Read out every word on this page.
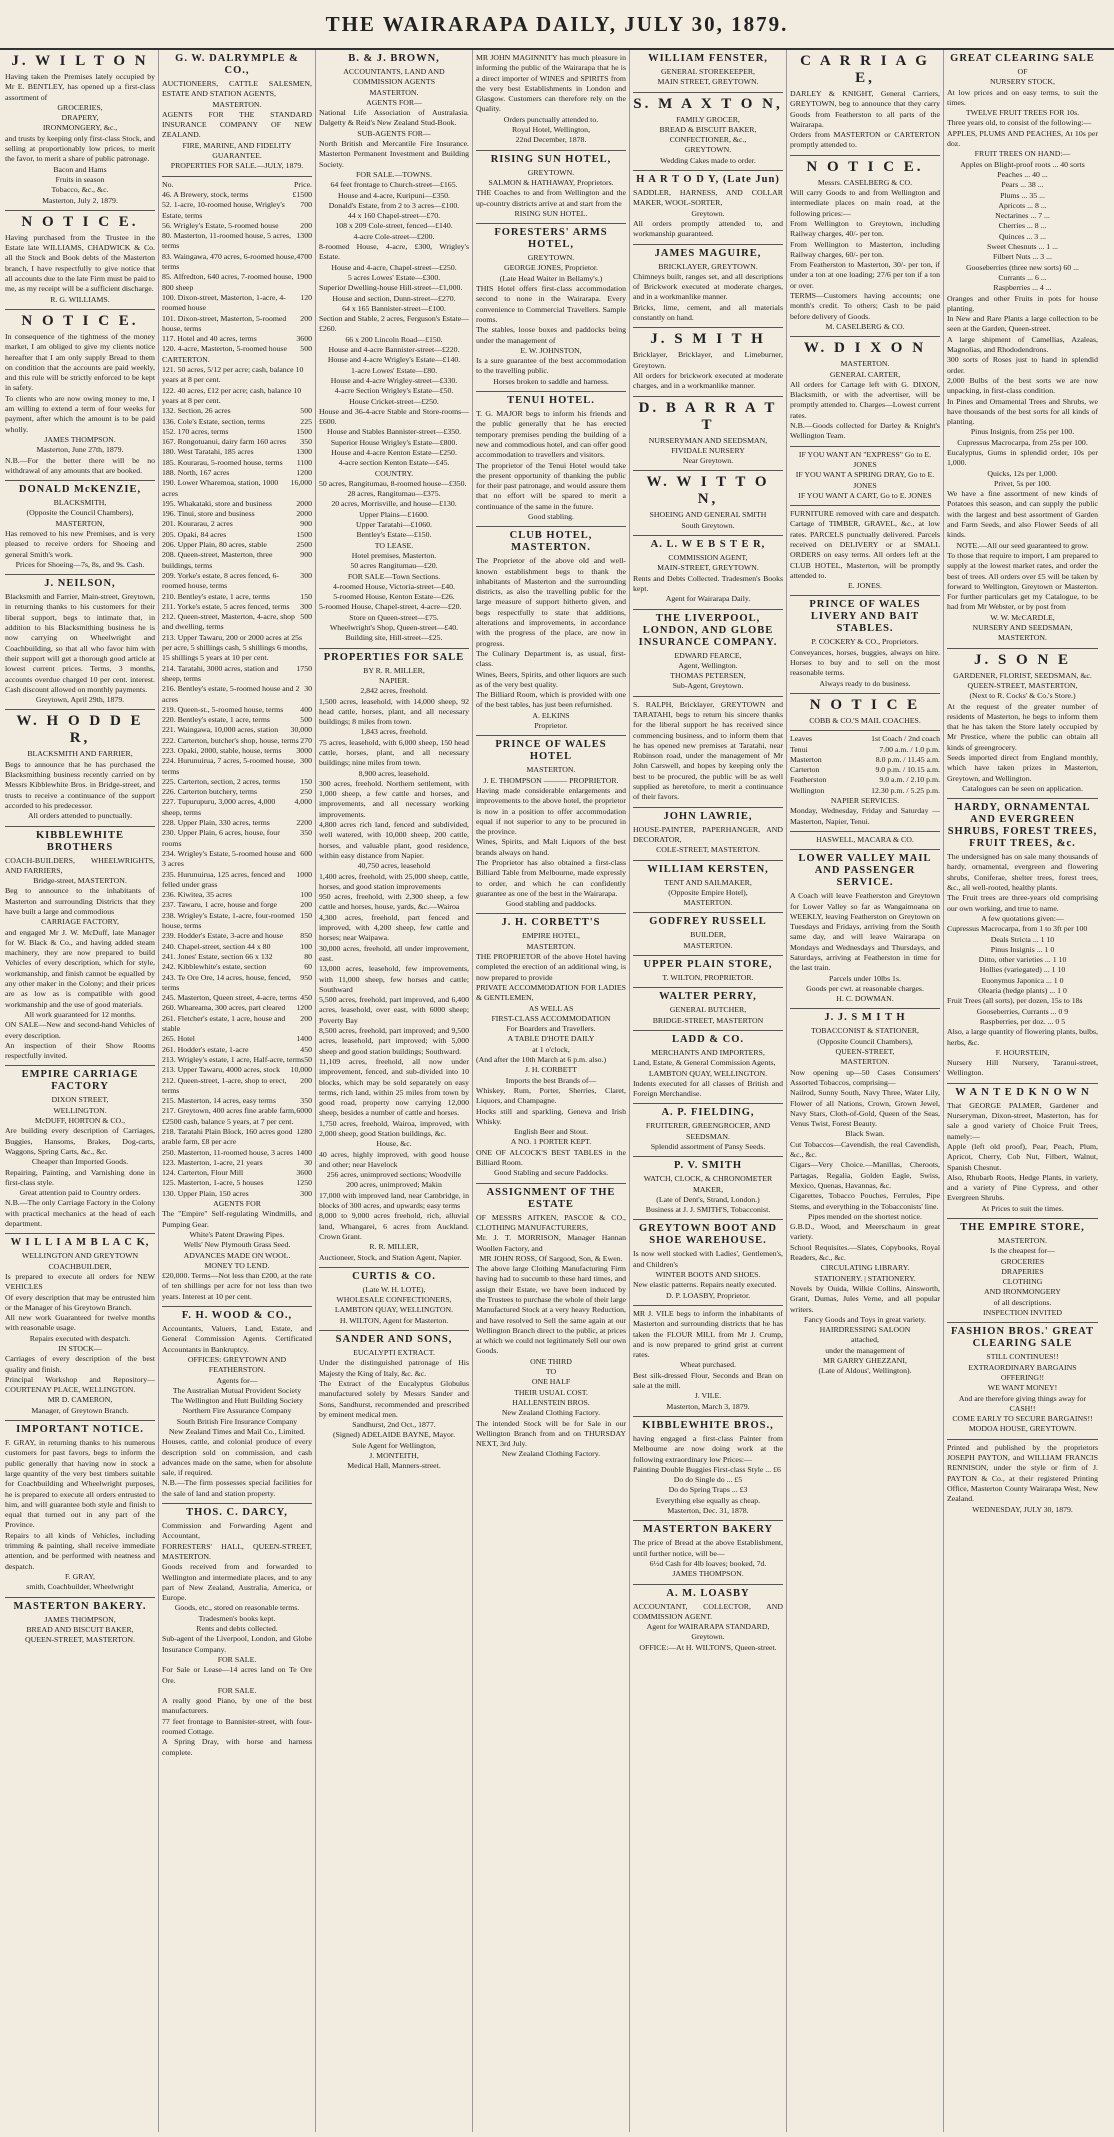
THE WAIRARAPA DAILY, JULY 30, 1879.
J. W I L T O N

Having taken the Premises lately occupied by Mr E. BENTLEY, has opened up a first-class assortment of

GROCERIES,

DRAPERY,

IRONMONGERY, &c.,

and trusts by keeping only first-class Stock, and selling at proportionably low prices, to merit the favor, to merit a share of public patronage.

Bacon and Hams

Fruits in season

Tobacco, &c., &c.

Masterton, July 2, 1879.

N O T I C E.

Having purchased from the Trustee in the Estate late WILLIAMS, CHADWICK & Co. all the Stock and Book debts of the Masterton branch, I have respectfully to give notice that all accounts due to the late Firm must be paid to me, as my receipt will be a sufficient discharge.

R. G. WILLIAMS.

N O T I C E.

In consequence of the tightness of the money market, I am obliged to give my clients notice hereafter that I am only supply Bread to them on condition that the accounts are paid weekly, and this rule will be strictly enforced to be kept in safety.

To clients who are now owing money to me, I am willing to extend a term of four weeks for payment, after which the amount is to be paid wholly.

JAMES THOMPSON.

Masterton, June 27th, 1879.

N.B.—For the better there will be no withdrawal of any amounts that are booked.

DONALD McKENZIE,

BLACKSMITH,

(Opposite the Council Chambers),

MASTERTON,

Has removed to his new Premises, and is very pleased to receive orders for Shoeing and general Smith's work.

Prices for Shoeing—7s, 8s, and 9s. Cash.

J. NEILSON,

Blacksmith and Farrier, Main-street, Greytown, in returning thanks to his customers for their liberal support, begs to intimate that, in addition to his Blacksmithing business he is now carrying on Wheelwright and Coachbuilding, so that all who favor him with their support will get a thorough good article at lowest current prices. Terms, 3 months, accounts overdue charged 10 per cent. interest. Cash discount allowed on monthly payments.

Greytown, April 29th, 1879.

W. H O D D E R,

BLACKSMITH AND FARRIER,

Begs to announce that he has purchased the Blacksmithing business recently carried on by Messrs Kibblewhite Bros. in Bridge-street, and trusts to receive a continuance of the support accorded to his predecessor.

All orders attended to punctually.

KIBBLEWHITE BROTHERS

COACH-BUILDERS, WHEELWRIGHTS, AND FARRIERS,

Bridge-street, MASTERTON.

Beg to announce to the inhabitants of Masterton and surrounding Districts that they have built a large and commodious

CARRIAGE FACTORY,

and engaged Mr J. W. McDuff, late Manager for W. Black & Co., and having added steam machinery, they are now prepared to build Vehicles of every description, which for style, workmanship, and finish cannot be equalled by any other maker in the Colony; and their prices are as low as is compatible with good workmanship and the use of good materials.

All work guaranteed for 12 months.

ON SALE—New and second-hand Vehicles of every description.

An inspection of their Show Rooms respectfully invited.

EMPIRE CARRIAGE FACTORY

DIXON STREET,

WELLINGTON.

McDUFF, HORTON & CO.,

Are building every description of Carriages, Buggies, Hansoms, Brakes, Dog-carts, Waggons, Spring Carts, &c., &c.

Cheaper than Imported Goods.

Repairing, Painting, and Varnishing done in first-class style.

Great attention paid to Country orders.

N.B.—The only Carriage Factory in the Colony with practical mechanics at the head of each department.

W I L L I A M B L A C K,

WELLINGTON AND GREYTOWN COACHBUILDER,

Is prepared to execute all orders for NEW VEHICLES

Of every description that may be entrusted him or the Manager of his Greytown Branch.

All new work Guaranteed for twelve months with reasonable usage.

Repairs executed with despatch.

IN STOCK—

Carriages of every description of the best quality and finish.

Principal Workshop and Repository—COURTENAY PLACE, WELLINGTON.

MR D. CAMERON,

Manager, of Greytown Branch.

IMPORTANT NOTICE.

F. GRAY, in returning thanks to his numerous customers for past favors, begs to inform the public generally that having now in stock a large quantity of the very best timbers suitable for Coachbuilding and Wheelwright purposes, he is prepared to execute all orders entrusted to him, and will guarantee both style and finish to equal that turned out in any part of the Province.

Repairs to all kinds of Vehicles, including trimming & painting, shall receive immediate attention, and be performed with neatness and despatch.

F. GRAY,

smith, Coachbuilder, Wheelwright

MASTERTON BAKERY.

JAMES THOMPSON,

BREAD AND BISCUIT BAKER,

QUEEN-STREET, MASTERTON.

G. W. DALRYMPLE & CO.,

AUCTIONEERS, CATTLE SALESMEN, ESTATE AND STATION AGENTS,

MASTERTON.

AGENTS FOR THE STANDARD INSURANCE COMPANY OF NEW ZEALAND.

FIRE, MARINE, AND FIDELITY GUARANTEE.

PROPERTIES FOR SALE.—JULY, 1879.

No.	Price.
46. A Brewery, stock, terms	£1500
52. 1-acre, 10-roomed house, Wrigley's Estate, terms
700
56. Wrigley's Estate, 5-roomed house	200
80. Masterton, 11-roomed house, 5 acres, terms
1300
83. Waingawa, 470 acres, 6-roomed house, terms
4700
85. Alfredton, 640 acres, 7-roomed house, 800 sheep
1900
100. Dixon-street, Masterton, 1-acre, 4-roomed house
120
101. Dixon-street, Masterton, 5-roomed house, terms
200
117. Hotel and 40 acres, terms	3600
120. 4-acre, Masterton, 5-roomed house 500
CARTERTON.
121. 50 acres, 5/12 per acre; cash, balance 10 years at 8 per cent.
122. 40 acres, £12 per acre; cash, balance 10 years at 8 per cent.
132. Section, 26 acres	500
136. Cole's Estate, section, terms	225
152. 170 acres, terms	1500
167. Rongotuanui, dairy farm 160 acres 350
180. West Taratahi, 185 acres	1300
185. Kourarau, 5-roomed house, terms 1100
188. North, 167 acres	1200
190. Lower Wharemoa, station, 1000 acres
16,000
195. Whakataki, store and business	2000
196. Tinui, store and business	2000
201. Kourarau, 2 acres	900
205. Opaki, 84 acres	1500
206. Upper Plain, 80 acres, stable	2500
208. Queen-street, Masterton, three buildings, terms
900
209. Yorke's estate, 8 acres fenced, 6-roomed house, terms
300
210. Bentley's estate, 1 acre, terms	150
211. Yorke's estate, 5 acres fenced, terms 300
212. Queen-street, Masterton, 4-acre, shop and dwelling, terms
500
213. Upper Tawaru, 200 or 2000 acres at 25s per acre, 5 shillings cash, 5 shillings 6 months, 15 shillings 5 years at 10 per cent.
214. Taratahi, 3000 acres, station and sheep, terms
1750
216. Bentley's estate, 5-roomed house and 2 acres
30
219. Queen-st., 5-roomed house, terms 400
220. Bentley's estate, 1 acre, terms	500
221. Waingawa, 10,000 acres, station 30,000
222. Carterton, butcher's shop, house, terms 270
223. Opaki, 2000, stable, house, terms 3000
224. Hurunuirua, 7 acres, 5-roomed house, terms
300
225. Carterton, section, 2 acres, terms	150
226. Carterton butchery, terms	250
227. Tupurupuru, 3,000 acres, 4,000 sheep, terms
4,000
228. Upper Plain, 330 acres, terms	2200
230. Upper Plain, 6 acres, house, four rooms
350
234. Wrigley's Estate, 5-roomed house and 3 acres
600
235. Hurunuirua, 125 acres, fenced and felled under grass
1000
236. Kiwitea, 35 acres	100
237. Tawaru, 1 acre, house and forge	200
238. Wrigley's Estate, 1-acre, four-roomed house, terms
150
239. Hodder's Estate, 3-acre and house 850
240. Chapel-street, section 44 x 80	100
241. Jones' Estate, section 66 x 132	80
242. Kibblewhite's estate, section	60
243. Te Ore Ore, 14 acres, house, fenced, terms
950
245. Masterton, Queen street, 4-acre, terms 450
260. Whareama, 300 acres, part cleared 1200
261. Fletcher's estate, 1 acre, house and stable
200
265. Hotel	1400
261. Hodder's estate, 1-acre	450
213. Wrigley's estate, 1 acre, Half-acre, terms 50
213. Upper Tawaru, 4000 acres, stock 10,000
212. Queen-street, 1-acre, shop to erect, terms
200
215. Masterton, 14 acres, easy terms	350
217. Greytown, 400 acres fine arable farm, £2500 cash, balance 5 years, at 7 per cent.
6000
218. Taratahi Plain Block, 160 acres good arable farm, £8 per acre
1280
250. Masterton, 11-roomed house, 3 acres 1400
123. Masterton, 1-acre, 21 years	30
124. Carterton, Flour Mill	3600
125. Masterton, 1-acre, 5 houses	1250
130. Upper Plain, 150 acres	300

AGENTS FOR

The "Empire" Self-regulating Windmills, and Pumping Gear.

White's Patent Drawing Pipes.

Wells' New Plymouth Grass Seed.

ADVANCES MADE ON WOOL.

MONEY TO LEND.

£20,000. Terms—Not less than £200, at the rate of ten shillings per acre for not less than two years. Interest at 10 per cent.

F. H. WOOD & CO.,

Accountants, Valuers, Land, Estate, and General Commission Agents. Certificated Accountants in Bankruptcy.

OFFICES: GREYTOWN AND FEATHERSTON.

Agents for—

The Australian Mutual Provident Society

The Wellington and Hutt Building Society

Northern Fire Assurance Company

South British Fire Insurance Company

New Zealand Times and Mail Co., Limited.

Houses, cattle, and colonial produce of every description sold on commission, and cash advances made on the same, when for absolute sale, if required.

N.B.—The firm possesses special facilities for the sale of land and station property.

THOS. C. DARCY,

Commission and Forwarding Agent and Accountant,

FORRESTERS' HALL, QUEEN-STREET, MASTERTON.

Goods received from and forwarded to Wellington and intermediate places, and to any part of New Zealand, Australia, America, or Europe.

Goods, etc., stored on reasonable terms.

Tradesmen's books kept.

Rents and debts collected.

Sub-agent of the Liverpool, London, and Globe Insurance Company.

FOR SALE.

For Sale or Lease—14 acres land on Te Ore Ore.

FOR SALE.

A really good Piano, by one of the best manufacturers.

77 feet frontage to Bannister-street, with four-roomed Cottage.

A Spring Dray, with horse and harness complete.

B. & J. BROWN,

ACCOUNTANTS, LAND AND COMMISSION AGENTS

MASTERTON.

AGENTS FOR—

National Life Association of Australasia. Dalgetty & Reid's New Zealand Stud-Book.

SUB-AGENTS FOR—

North British and Mercantile Fire Insurance. Masterton Permanent Investment and Building Society.

FOR SALE.—TOWNS.

64 feet frontage to Church-street—£165.

House and 4-acre, Kuripuni—£350.

Donald's Estate, from 2 to 3 acres—£100.

44 x 160 Chapel-street—£70.

108 x 209 Cole-street, fenced—£140.

4-acre Cole-street—£200.

8-roomed House, 4-acre, £300, Wrigley's Estate.

House and 4-acre, Chapel-street—£250.

5 acres Lowes' Estate—£300.

Superior Dwelling-house Hill-street—£1,000.

House and section, Dunn-street—£270.

64 x 165 Bannister-street—£100.

Section and Stable, 2 acres, Ferguson's Estate—£260.

66 x 200 Lincoln Road—£150.

House and 4-acre Bannister-street—£220.

House and 4-acre Wrigley's Estate—£140.

1-acre Lowes' Estate—£80.

House and 4-acre Wrigley-street—£330.

4-acre Section Wrigley's Estate—£50.

House Cricket-street—£250.

House and 36-4-acre Stable and Store-rooms—£600.

House and Stables Bannister-street—£350.

Superior House Wrigley's Estate—£800.

House and 4-acre Kenton Estate—£250.

4-acre section Kenton Estate—£45.

COUNTRY.

50 acres, Rangitumau, 8-roomed house—£350.

28 acres, Rangitumau—£375.

20 acres, Morrisville, and house—£130.

Upper Plains—£1600.

Upper Taratahi—£1060.

Bentley's Estate—£150.

TO LEASE.

Hotel premises, Masterton.

50 acres Rangitumau—£20.

FOR SALE—Town Sections.

4-roomed House, Victoria-street—£40.

5-roomed House, Kenton Estate—£26.

5-roomed House, Chapel-street, 4-acre—£20.

Store on Queen-street—£75.

Wheelwright's Shop, Queen-street—£40.

Building site, Hill-street—£25.

PROPERTIES FOR SALE

BY R. R. MILLER,

NAPIER.

2,842 acres, freehold.

1,500 acres, leasehold, with 14,000 sheep, 92 head cattle, horses, plant, and all necessary buildings; 8 miles from town.

1,843 acres, freehold.

75 acres, leasehold, with 6,000 sheep, 150 head cattle, horses, plant, and all necessary buildings; nine miles from town.

8,900 acres, leasehold.

300 acres, freehold. Northern settlement, with 1,000 sheep, a few cattle and horses, and improvements, and all necessary working improvements.

4,800 acres rich land, fenced and subdivided, well watered, with 10,000 sheep, 200 cattle, horses, and valuable plant, good residence, within easy distance from Napier.

40,750 acres, leasehold

1,400 acres, freehold, with 25,000 sheep, cattle, horses, and good station improvements

950 acres, freehold, with 2,300 sheep, a few cattle and horses, house, yards, &c.—Wairoa

4,300 acres, freehold, part fenced and improved, with 4,200 sheep, few cattle and horses; near Waipawa.

30,000 acres, freehold, all under improvement, east.

13,000 acres, leasehold, few improvements, with 11,000 sheep, few horses and cattle; Southward

5,500 acres, freehold, part improved, and 6,400 acres, leasehold, over east, with 6000 sheep; Poverty Bay

8,500 acres, freehold, part improved; and 9,500 acres, leasehold, part improved; with 5,000 sheep and good station buildings; Southward.

11,109 acres, freehold, all now under improvement, fenced, and sub-divided into 10 blocks, which may be sold separately on easy terms, rich land, within 25 miles from town by good road, property now carrying 12,000 sheep, besides a number of cattle and horses.

1,750 acres, freehold, Wairoa, improved, with 2,000 sheep, good Station buildings, &c.

House, &c.

40 acres, highly improved, with good house and other; near Havelock

256 acres, unimproved sections; Woodville

200 acres, unimproved; Makin

17,000 with improved land, near Cambridge, in blocks of 300 acres, and upwards; easy terms

8,000 to 9,000 acres freehold, rich, alluvial land, Whangarei, 6 acres from Auckland. Crown Grant.

R. R. MILLER,

Auctioneer, Stock, and Station Agent, Napier.

CURTIS & CO.

(Late W. H. LOTE),

WHOLESALE CONFECTIONERS,

LAMBTON QUAY, WELLINGTON.

H. WILTON, Agent for Masterton.

SANDER AND SONS,

EUCALYPTI EXTRACT.

Under the distinguished patronage of His Majesty the King of Italy, &c. &c.

The Extract of the Eucalyptus Globulus manufactured solely by Messrs Sander and Sons, Sandhurst, recommended and prescribed by eminent medical men.

Sandhurst, 2nd Oct., 1877.

(Signed) ADELAIDE BAYNE, Mayor.

Sole Agent for Wellington,

J. MONTEITH,

Medical Hall, Manners-street.

MR JOHN MAGINNITY has much pleasure in informing the public of the Wairarapa that he is a direct importer of WINES and SPIRITS from the very best Establishments in London and Glasgow. Customers can therefore rely on the Quality.

Orders punctually attended to.

Royal Hotel, Wellington,

22nd December, 1878.

RISING SUN HOTEL,

GREYTOWN.

SALMON & HATHAWAY, Proprietors.

THE Coaches to and from Wellington and the up-country districts arrive at and start from the

RISING SUN HOTEL.

FORESTERS' ARMS HOTEL,

GREYTOWN.

GEORGE JONES, Proprietor.

(Late Head Waiter in Bellamy's.)

THIS Hotel offers first-class accommodation second to none in the Wairarapa. Every convenience to Commercial Travellers. Sample rooms.

The stables, loose boxes and paddocks being under the management of

E. W. JOHNSTON,

Is a sure guarantee of the best accommodation to the travelling public.

Horses broken to saddle and harness.

TENUI HOTEL.

T. G. MAJOR begs to inform his friends and the public generally that he has erected temporary premises pending the building of a new and commodious hotel, and can offer good accommodation to travellers and visitors.

The proprietor of the Tenui Hotel would take the present opportunity of thanking the public for their past patronage, and would assure them that no effort will be spared to merit a continuance of the same in the future.

Good stabling.

CLUB HOTEL, MASTERTON.

The Proprietor of the above old and well-known establishment begs to thank the inhabitants of Masterton and the surrounding districts, as also the travelling public for the large measure of support hitherto given, and begs respectfully to state that additions, alterations and improvements, in accordance with the progress of the place, are now in progress.

The Culinary Department is, as usual, first-class.

Wines, Beers, Spirits, and other liquors are such as of the very best quality.

The Billiard Room, which is provided with one of the best tables, has just been refurnished.

A. ELKINS

Proprietor.

PRINCE OF WALES HOTEL

MASTERTON.

J. E. THOMPSON ——— PROPRIETOR.

Having made considerable enlargements and improvements to the above hotel, the proprietor is now in a position to offer accommodation equal if not superior to any to be procured in the province.

Wines, Spirits, and Malt Liquors of the best brands always on hand.

The Proprietor has also obtained a first-class Billiard Table from Melbourne, made expressly to order, and which he can confidently guarantee as one of the best in the Wairarapa.

Good stabling and paddocks.

J. H. CORBETT'S

EMPIRE HOTEL,

MASTERTON.

THE PROPRIETOR of the above Hotel having completed the erection of an additional wing, is now prepared to provide

PRIVATE ACCOMMODATION FOR LADIES & GENTLEMEN,

AS WELL AS

FIRST-CLASS ACCOMMODATION

For Boarders and Travellers.

A TABLE D'HOTE DAILY

at 1 o'clock,

(And after the 10th March at 6 p.m. also.)

J. H. CORBETT

Imports the best Brands of—

Whiskey, Rum, Porter, Sherries, Claret, Liquors, and Champagne.

Hocks still and sparkling, Geneva and Irish Whisky.

English Beer and Stout.

A NO. 1 PORTER KEPT.

ONE OF ALCOCK'S BEST TABLES in the Billiard Room.

Good Stabling and secure Paddocks.

ASSIGNMENT OF THE ESTATE

OF MESSRS AITKEN, PASCOE & CO., CLOTHING MANUFACTURERS,

Mr. J. T. MORRISON, Manager Hannan Woollen Factory, and

MR JOHN ROSS, Of Sargood, Son, & Ewen.

The above large Clothing Manufacturing Firm having had to succumb to these hard times, and assign their Estate, we have been induced by the Trustees to purchase the whole of their large Manufactured Stock at a very heavy Reduction, and have resolved to Sell the same again at our Wellington Branch direct to the public, at prices at which we could not legitimately Sell our own Goods.

ONE THIRD

TO

ONE HALF

THEIR USUAL COST.

HALLENSTEIN BROS.

New Zealand Clothing Factory.

The intended Stock will be for Sale in our Wellington Branch from and on THURSDAY NEXT, 3rd July.

New Zealand Clothing Factory.

WILLIAM FENSTER,

GENERAL STOREKEEPER,

MAIN STREET, GREYTOWN.

S. M A X T O N,

FAMILY GROCER,

BREAD & BISCUIT BAKER, CONFECTIONER, &c.,

GREYTOWN.

Wedding Cakes made to order.

H A R T O D Y, (Late Jun)

SADDLER, HARNESS, AND COLLAR MAKER, WOOL-SORTER,

Greytown.

All orders promptly attended to, and workmanship guaranteed.

JAMES MAGUIRE,

BRICKLAYER, GREYTOWN.

Chimneys built, ranges set, and all descriptions of Brickwork executed at moderate charges, and in a workmanlike manner.

Bricks, lime, cement, and all materials constantly on hand.

J. S M I T H

Bricklayer, Bricklayer, and Limeburner, Greytown.

All orders for brickwork executed at moderate charges, and in a workmanlike manner.

D. B A R R A T T

NURSERYMAN AND SEEDSMAN,

FIVIDALE NURSERY

Near Greytown.

W. W I T T O N,

SHOEING AND GENERAL SMITH

South Greytown.

A. L. W E B S T E R,

COMMISSION AGENT,

MAIN-STREET, GREYTOWN.

Rents and Debts Collected. Tradesmen's Books kept.

Agent for Wairarapa Daily.

THE LIVERPOOL, LONDON, AND GLOBE INSURANCE COMPANY.

EDWARD FEARCE,

Agent, Wellington.

THOMAS PETERSEN,

Sub-Agent, Greytown.

S. RALPH, Bricklayer, GREYTOWN and TARATAHI, begs to return his sincere thanks for the liberal support he has received since commencing business, and to inform them that he has opened new premises at Taratahi, near Robinson road, under the management of Mr John Carswell, and hopes by keeping only the best to be procured, the public will be as well supplied as heretofore, to merit a continuance of their favors.

JOHN LAWRIE,

HOUSE-PAINTER, PAPERHANGER, AND DECORATOR,

COLE-STREET, MASTERTON.

WILLIAM KERSTEN,

TENT AND SAILMAKER,

(Opposite Empire Hotel),

MASTERTON.

GODFREY RUSSELL

BUILDER,

MASTERTON.

UPPER PLAIN STORE,

T. WILTON, PROPRIETOR.

WALTER PERRY,

GENERAL BUTCHER,

BRIDGE-STREET, MASTERTON

LADD & CO.

MERCHANTS AND IMPORTERS,

Land, Estate, & General Commission Agents,

LAMBTON QUAY, WELLINGTON.

Indents executed for all classes of British and Foreign Merchandise.

A. P. FIELDING,

FRUITERER, GREENGROCER, AND SEEDSMAN.

Splendid assortment of Pansy Seeds.

P. V. SMITH

WATCH, CLOCK, & CHRONOMETER MAKER,

(Late of Dent's, Strand, London.)

Business at J. J. SMITH'S, Tobacconist.

GREYTOWN BOOT AND SHOE WAREHOUSE.

Is now well stocked with Ladies', Gentlemen's, and Children's

WINTER BOOTS AND SHOES.

New elastic patterns. Repairs neatly executed.

D. P. LOASBY, Proprietor.

MR J. VILE begs to inform the inhabitants of Masterton and surrounding districts that he has taken the FLOUR MILL from Mr J. Crump, and is now prepared to grind grist at current rates.

Wheat purchased.

Best silk-dressed Flour, Seconds and Bran on sale at the mill.

J. VILE.

Masterton, March 3, 1879.

KIBBLEWHITE BROS.,

having engaged a first-class Painter from Melbourne are now doing work at the following extraordinary low Prices:—

Painting Double Buggies First-class Style ... £6

Do do Single do ... £5

Do do Spring Traps ... £3

Everything else equally as cheap.

Masterton, Dec. 31, 1878.

MASTERTON BAKERY

The price of Bread at the above Establishment, until further notice, will be—

6½d Cash for 4lb loaves; booked, 7d.

JAMES THOMPSON.

A. M. LOASBY

ACCOUNTANT, COLLECTOR, AND COMMISSION AGENT.

Agent for WAIRARAPA STANDARD, Greytown.

OFFICE:—At H. WILTON'S, Queen-street.

C A R R I A G E,

DARLEY & KNIGHT, General Carriers, GREYTOWN, beg to announce that they carry Goods from Featherston to all parts of the Wairarapa.

Orders from MASTERTON or CARTERTON promptly attended to.

N O T I C E.

Messrs. CASELBERG & CO.

Will carry Goods to and from Wellington and intermediate places on main road, at the following prices:—

From Wellington to Greytown, including Railway charges, 40/- per ton.

From Wellington to Masterton, including Railway charges, 60/- per ton.

From Featherston to Masterton, 30/- per ton, if under a ton at one loading; 27/6 per ton if a ton or over.

TERMS—Customers having accounts; one month's credit. To others; Cash to be paid before delivery of Goods.

M. CASELBERG & CO.

W. D I X O N

MASTERTON.

GENERAL CARTER,

All orders for Cartage left with G. DIXON, Blacksmith, or with the advertiser, will be promptly attended to. Charges—Lowest current rates.

N.B.—Goods collected for Darley & Knight's Wellington Team.

IF YOU WANT AN "EXPRESS" Go to E. JONES

IF YOU WANT A SPRING DRAY, Go to E. JONES

IF YOU WANT A CART, Go to E. JONES

FURNITURE removed with care and despatch. Cartage of TIMBER, GRAVEL, &c., at low rates. PARCELS punctually delivered. Parcels received on DELIVERY or at SMALL ORDERS on easy terms. All orders left at the CLUB HOTEL, Masterton, will be promptly attended to.

E. JONES.

PRINCE OF WALES LIVERY AND BAIT STABLES.

P. COCKERY & CO., Proprietors.

Conveyances, horses, buggies, always on hire. Horses to buy and to sell on the most reasonable terms.

Always ready to do business.

N O T I C E

COBB & CO.'S MAIL COACHES.

Leaves	1st Coach / 2nd coach
Tenui	7.00 a.m. / 1.0 p.m.
Masterton	8.0 p.m. / 11.45 a.m.
Carterton	9.0 p.m. / 10.15 a.m.
Featherston	9.0 a.m. / 2.10 p.m.
Wellington	12.30 p.m. / 5.25 p.m.

NAPIER SERVICES.

Monday, Wednesday, Friday and Saturday — Masterton, Napier, Tenui.

HASWELL, MACARA & CO.

LOWER VALLEY MAIL AND PASSENGER SERVICE.

A Coach will leave Featherston and Greytown for Lower Valley so far as Wangaimoana on WEEKLY, leaving Featherston on Greytown on Tuesdays and Fridays, arriving from the South same day, and will leave Wairarapa on Mondays and Wednesdays and Thursdays, and Saturdays, arriving at Featherston in time for the last train.

Parcels under 10lbs 1s.

Goods per cwt. at reasonable charges.

H. C. DOWMAN.

J. J. S M I T H

TOBACCONIST & STATIONER,

(Opposite Council Chambers),

QUEEN-STREET,

MASTERTON.

Now opening up—50 Cases Consumers' Assorted Tobaccos, comprising—

Nailrod, Sunny South, Navy Three, Water Lily, Flower of all Nations, Crown, Grown Jewel, Navy Stars, Cloth-of-Gold, Queen of the Seas, Venus Twist, Forest Beauty.

Black Swan.

Cut Tobaccos—Cavendish, the real Cavendish, &c., &c.

Cigars—Very Choice.—Manillas, Cheroots, Partagas, Regalia, Golden Eagle, Swiss, Mexico, Quenas, Havannas, &c.

Cigarettes, Tobacco Pouches, Ferrules, Pipe Stems, and everything in the Tobacconists' line.

Pipes mended on the shortest notice.

G.B.D., Wood, and Meerschaum in great variety.

School Requisites.—Slates, Copybooks, Royal Readers, &c., &c.

CIRCULATING LIBRARY.

STATIONERY. | STATIONERY.

Novels by Ouida, Wilkie Collins, Ainsworth, Grant, Dumas, Jules Verne, and all popular writers.

Fancy Goods and Toys in great variety.

HAIRDRESSING SALOON

attached,

under the management of

MR GARRY GHEZZANI,

(Late of Aldous', Wellington).

GREAT CLEARING SALE

OF

NURSERY STOCK,

At low prices and on easy terms, to suit the times.

TWELVE FRUIT TREES FOR 10s.

Three years old, to consist of the following:—

APPLES, PLUMS AND PEACHES, At 10s per doz.

FRUIT TREES ON HAND:—

Apples on Blight-proof roots ... 40 sorts

Peaches ... 40 ...

Pears ... 38 ...

Plums ... 35 ...

Apricots ... 8 ...

Nectarines ... 7 ...

Cherries ... 8 ...

Quinces ... 3 ...

Sweet Chesnuts ... 1 ...

Filbert Nuts ... 3 ...

Gooseberries (three new sorts) 60 ...

Currants ... 6 ...

Raspberries ... 4 ...

Oranges and other Fruits in pots for house planting.

In New and Rare Plants a large collection to be seen at the Garden, Queen-street.

A large shipment of Camellias, Azaleas, Magnolias, and Rhododendrons.

300 sorts of Roses just to hand in splendid order.

2,000 Bulbs of the best sorts we are now unpacking, in first-class condition.

In Pines and Ornamental Trees and Shrubs, we have thousands of the best sorts for all kinds of planting.

Pinus Insignis, from 25s per 100.

Cupressus Macrocarpa, from 25s per 100.

Eucalyptus, Gums in splendid order, 10s per 1,000.

Quicks, 12s per 1,000.

Privet, 5s per 100.

We have a fine assortment of new kinds of Potatoes this season, and can supply the public with the largest and best assortment of Garden and Farm Seeds, and also Flower Seeds of all kinds.

NOTE.—All our seed guaranteed to grow.

To those that require to import, I am prepared to supply at the lowest market rates, and order the best of trees. All orders over £5 will be taken by forward to Wellington, Greytown or Masterton. For further particulars get my Catalogue, to be had from Mr Webster, or by post from

W. W. McCARDLE,

NURSERY AND SEEDSMAN,

MASTERTON.

J. S O N E

GARDENER, FLORIST, SEEDSMAN, &c.

QUEEN-STREET, MASTERTON,

(Next to R. Cocks' & Co.'s Store.)

At the request of the greater number of residents of Masterton, he begs to inform them that he has taken the Store lately occupied by Mr Prestice, where the public can obtain all kinds of greengrocery.

Seeds imported direct from England monthly, which have taken prizes in Masterton, Greytown, and Wellington.

Catalogues can be seen on application.

HARDY, ORNAMENTAL AND EVERGREEN SHRUBS, FOREST TREES, FRUIT TREES, &c.

The undersigned has on sale many thousands of hardy, ornamental, evergreen and flowering shrubs, Coniferae, shelter trees, forest trees, &c., all well-rooted, healthy plants.

The Fruit trees are three-years old comprising our own working, and true to name.

A few quotations given:—

Cupressus Macrocarpa, from 1 to 3ft per 100

Deals Stricta ... 1 10

Pinus Insignis ... 1 0

Ditto, other varieties ... 1 10

Hollies (variegated) ... 1 10

Euonymus Japonica ... 1 0

Olearia (hedge plants) ... 1 0

Fruit Trees (all sorts), per dozen, 15s to 18s

Gooseberries, Currants ... 0 9

Raspberries, per doz. ... 0 5

Also, a large quantity of flowering plants, bulbs, herbs, &c.

F. HOURSTEIN,

Nursery Hill Nursery, Taranui-street, Wellington.

W A N T E D K N O W N

That GEORGE PALMER, Gardener and Nurseryman, Dixon-street, Masterton, has for sale a good variety of Choice Fruit Trees, namely:—

Apple (left old proof), Pear, Peach, Plum, Apricot, Cherry, Cob Nut, Filbert, Walnut, Spanish Chesnut.

Also, Rhubarb Roots, Hedge Plants, in variety, and a variety of Pine Cypress, and other Evergreen Shrubs.

At Prices to suit the times.

THE EMPIRE STORE,

MASTERTON.

Is the cheapest for—

GROCERIES

DRAPERIES

CLOTHING

AND IRONMONGERY

of all descriptions.

INSPECTION INVITED

FASHION BROS.' GREAT CLEARING SALE

STILL CONTINUES!!

EXTRAORDINARY BARGAINS OFFERING!!

WE WANT MONEY!

And are therefore giving things away for

CASH!!

COME EARLY TO SECURE BARGAINS!!

MODOA HOUSE, GREYTOWN.

Printed and published by the proprietors JOSEPH PAYTON, and WILLIAM FRANCIS RENNISON, under the style or firm of J. PAYTON & Co., at their registered Printing Office, Masterton County Wairarapa West, New Zealand.

WEDNESDAY, JULY 30, 1879.
